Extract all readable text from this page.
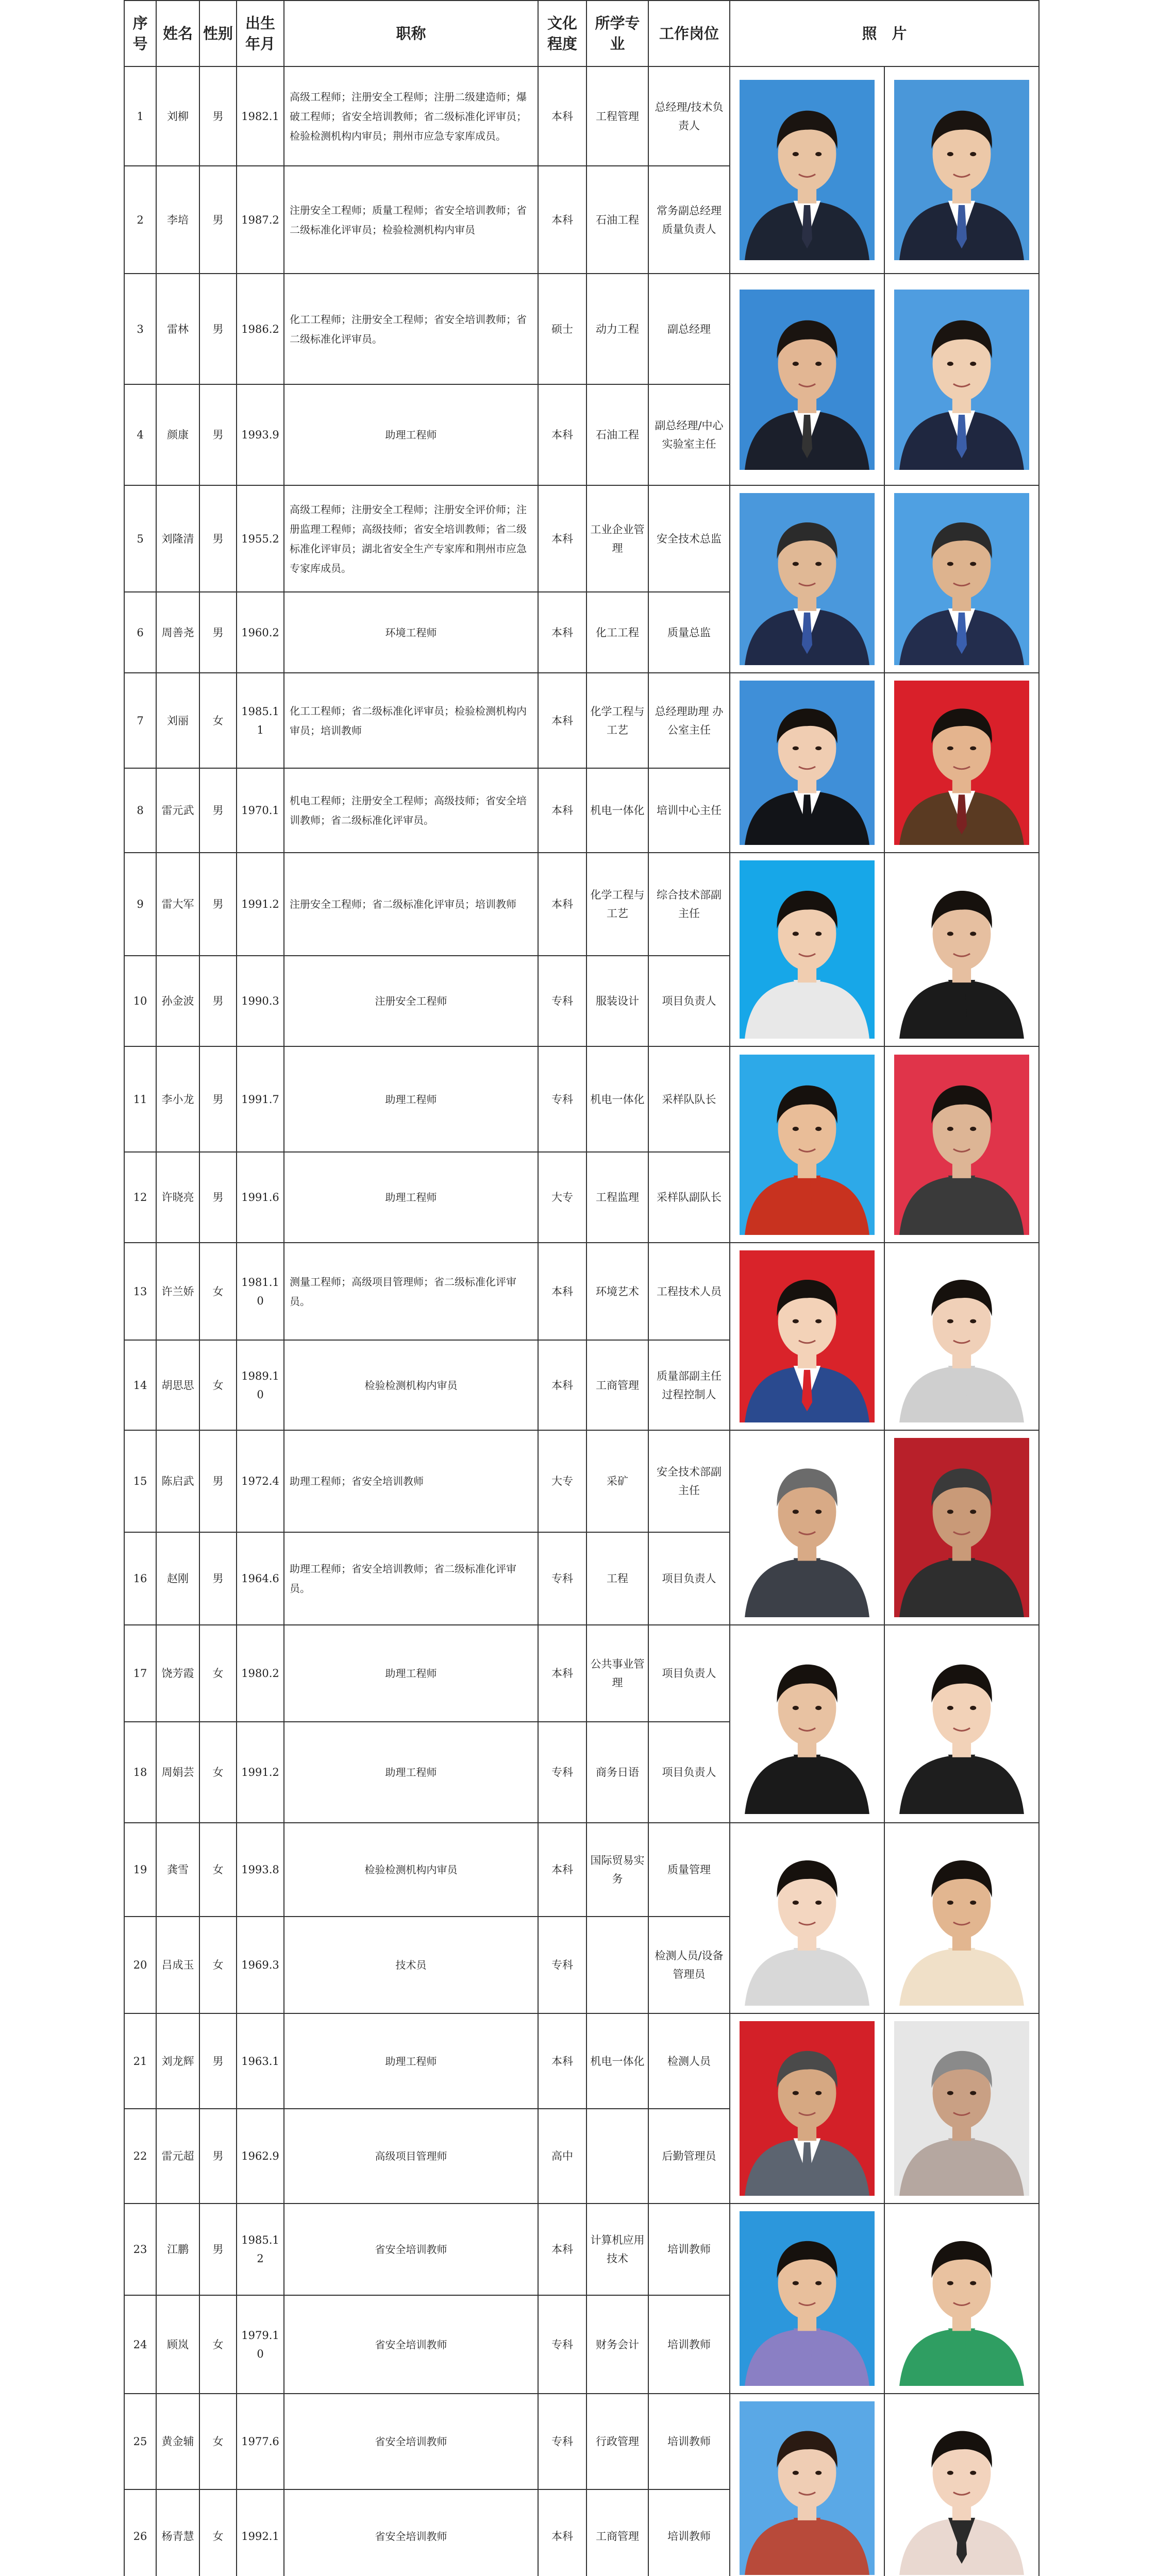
序号	姓名	性别	出生年月	职称	文化程度	所学专业	工作岗位	照　片	
1	刘柳	男	1982.1	高级工程师；注册安全工程师；注册二级建造师；爆破工程师；省安全培训教师；省二级标准化评审员；检验检测机构内审员；荆州市应急专家库成员。	本科	工程管理	总经理/技术负责人	

2	李培	男	1987.2	注册安全工程师；质量工程师；省安全培训教师；省二级标准化评审员；检验检测机构内审员	本科	石油工程	常务副总经理 质量负责人		
3	雷林	男	1986.2	化工工程师；注册安全工程师；省安全培训教师；省二级标准化评审员。	硕士	动力工程	副总经理	

4	颜康	男	1993.9	助理工程师	本科	石油工程	副总经理/中心实验室主任		
5	刘隆清	男	1955.2	高级工程师；注册安全工程师；注册安全评价师；注册监理工程师；高级技师；省安全培训教师；省二级标准化评审员；湖北省安全生产专家库和荆州市应急专家库成员。	本科	工业企业管理	安全技术总监	

6	周善尧	男	1960.2	环境工程师	本科	化工工程	质量总监		
7	刘丽	女	1985.11	化工工程师；省二级标准化评审员；检验检测机构内审员；培训教师	本科	化学工程与工艺	总经理助理 办公室主任	

8	雷元武	男	1970.1	机电工程师；注册安全工程师；高级技师；省安全培训教师；省二级标准化评审员。	本科	机电一体化	培训中心主任		
9	雷大军	男	1991.2	注册安全工程师；省二级标准化评审员；培训教师	本科	化学工程与工艺	综合技术部副主任	

10	孙金波	男	1990.3	注册安全工程师	专科	服装设计	项目负责人		
11	李小龙	男	1991.7	助理工程师	专科	机电一体化	采样队队长	

12	许晓亮	男	1991.6	助理工程师	大专	工程监理	采样队副队长		
13	许兰娇	女	1981.10	测量工程师；高级项目管理师；省二级标准化评审员。	本科	环境艺术	工程技术人员	

14	胡思思	女	1989.10	检验检测机构内审员	本科	工商管理	质量部副主任 过程控制人		
15	陈启武	男	1972.4	助理工程师；省安全培训教师	大专	采矿	安全技术部副主任	

16	赵刚	男	1964.6	助理工程师；省安全培训教师；省二级标准化评审员。	专科	工程	项目负责人		
17	饶芳霞	女	1980.2	助理工程师	本科	公共事业管理	项目负责人	

18	周娟芸	女	1991.2	助理工程师	专科	商务日语	项目负责人		
19	龚雪	女	1993.8	检验检测机构内审员	本科	国际贸易实务	质量管理	

20	吕成玉	女	1969.3	技术员	专科		检测人员/设备管理员		
21	刘龙辉	男	1963.1	助理工程师	本科	机电一体化	检测人员	

22	雷元超	男	1962.9	高级项目管理师	高中		后勤管理员		
23	江鹏	男	1985.12	省安全培训教师	本科	计算机应用技术	培训教师	

24	顾岚	女	1979.10	省安全培训教师	专科	财务会计	培训教师		
25	黄金辅	女	1977.6	省安全培训教师	专科	行政管理	培训教师	

26	杨青慧	女	1992.1	省安全培训教师	本科	工商管理	培训教师		
